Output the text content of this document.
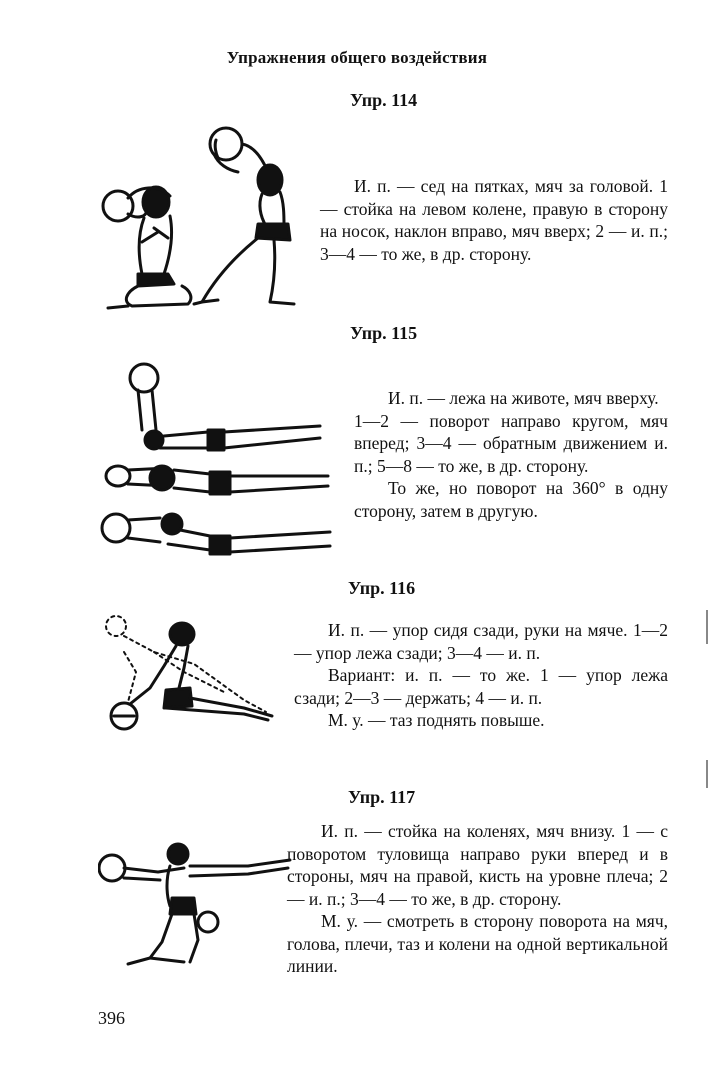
Упражнения общего воздействия
Упр. 114

И. п. — сед на пятках, мяч за головой. 1 — стойка на левом колене, правую в сторону на носок, наклон вправо, мяч вверх; 2 — и. п.; 3—4 — то же, в др. сторону.

Упр. 115

И. п. — лежа на животе, мяч вверху.

1—2 — поворот направо кругом, мяч вперед; 3—4 — обратным движением и. п.; 5—8 — то же, в др. сторону.

То же, но поворот на 360° в одну сторону, затем в другую.

Упр. 116

И. п. — упор сидя сзади, руки на мяче. 1—2 — упор лежа сзади; 3—4 — и. п.

Вариант: и. п. — то же. 1 — упор лежа сзади; 2—3 — держать; 4 — и. п.

М. у. — таз поднять повыше.

Упр. 117

И. п. — стойка на коленях, мяч внизу. 1 — с поворотом туловища направо руки вперед и в стороны, мяч на правой, кисть на уровне плеча; 2 — и. п.; 3—4 — то же, в др. сторону.

М. у. — смотреть в сторону поворота на мяч, голова, плечи, таз и колени на одной вертикальной линии.

396
